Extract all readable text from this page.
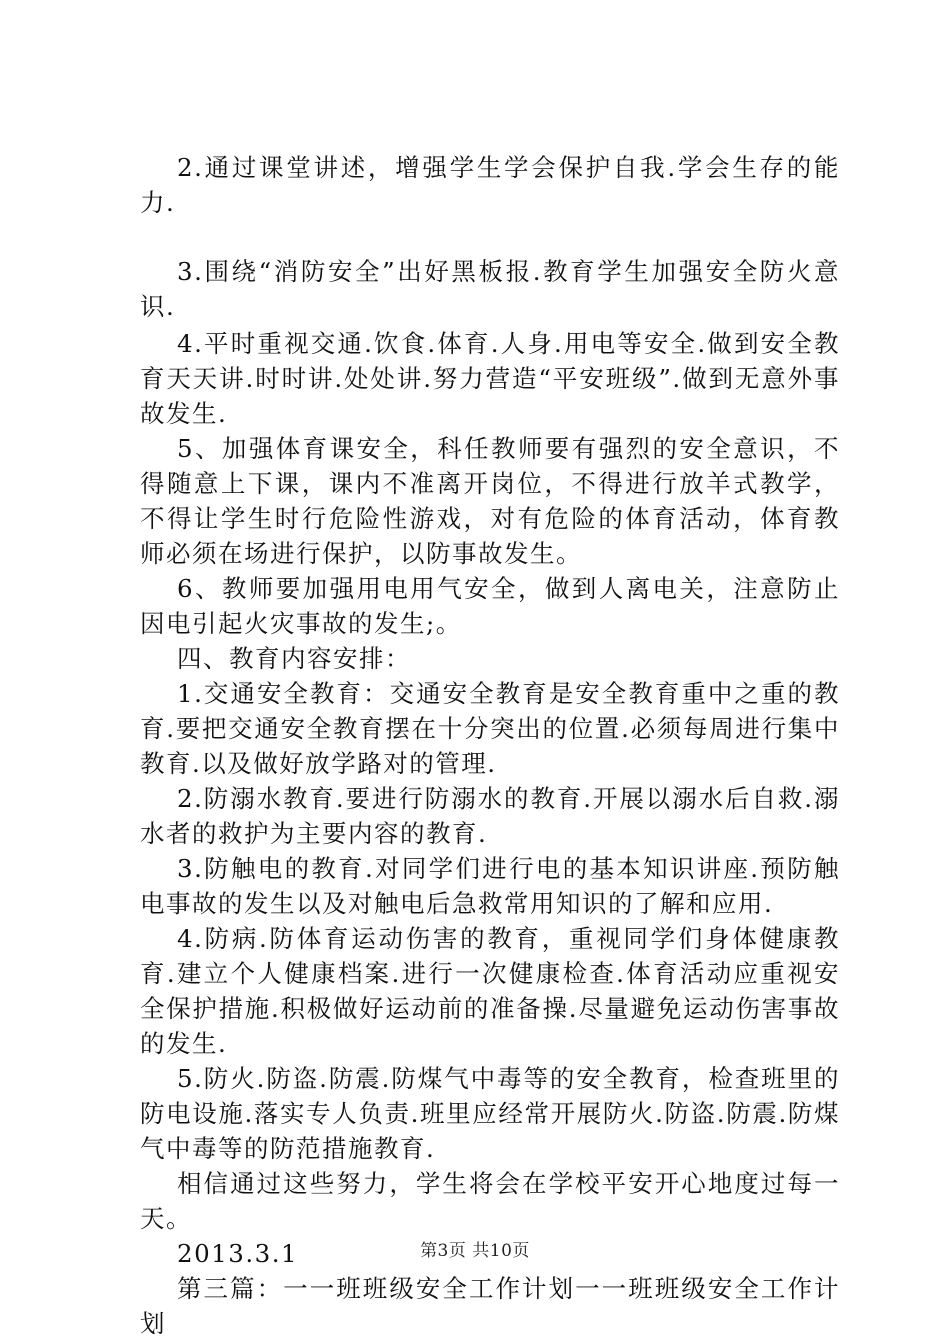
2.通过课堂讲述，增强学生学会保护自我.学会生存的能力.

3.围绕“消防安全”出好黑板报.教育学生加强安全防火意识.

4.平时重视交通.饮食.体育.人身.用电等安全.做到安全教育天天讲.时时讲.处处讲.努力营造“平安班级”.做到无意外事故发生.

5、加强体育课安全，科任教师要有强烈的安全意识，不得随意上下课，课内不准离开岗位，不得进行放羊式教学，不得让学生时行危险性游戏，对有危险的体育活动，体育教师必须在场进行保护，以防事故发生。

6、教师要加强用电用气安全，做到人离电关，注意防止因电引起火灾事故的发生;。

四、教育内容安排：

1.交通安全教育：交通安全教育是安全教育重中之重的教育.要把交通安全教育摆在十分突出的位置.必须每周进行集中教育.以及做好放学路对的管理.

2.防溺水教育.要进行防溺水的教育.开展以溺水后自救.溺水者的救护为主要内容的教育.

3.防触电的教育.对同学们进行电的基本知识讲座.预防触电事故的发生以及对触电后急救常用知识的了解和应用.

4.防病.防体育运动伤害的教育，重视同学们身体健康教育.建立个人健康档案.进行一次健康检查.体育活动应重视安全保护措施.积极做好运动前的准备操.尽量避免运动伤害事故的发生.

5.防火.防盗.防震.防煤气中毒等的安全教育，检查班里的防电设施.落实专人负责.班里应经常开展防火.防盗.防震.防煤气中毒等的防范措施教育.

相信通过这些努力，学生将会在学校平安开心地度过每一天。

2013.3.1

第三篇：一一班班级安全工作计划一一班班级安全工作计划

第3页 共10页
